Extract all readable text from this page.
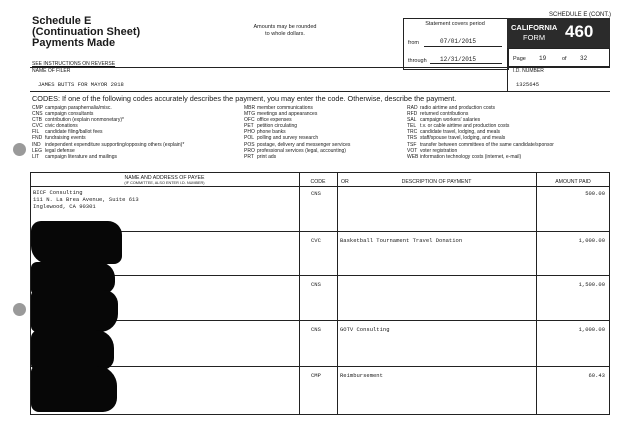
SCHEDULE E (CONT.)
Schedule E
(Continuation Sheet)
Payments Made
Amounts may be rounded
to whole dollars.
Statement covers period
from	07/01/2015
through 12/31/2015
CALIFORNIA
FORM 460
Page 19	of 32
SEE INSTRUCTIONS ON REVERSE
NAME OF FILER
JAMES BUTTS FOR MAYOR 2018
I.D. NUMBER
1325645
CODES: If one of the following codes accurately describes the payment, you may enter the code. Otherwise, describe the payment.
CMP campaign paraphernalia/misc.
CNS campaign consultants
CTB contribution (explain nonmonetary)*
CVC civic donations
FIL candidate filing/ballot fees
FND fundraising events
IND independent expenditure supporting/opposing others (explain)*
LEG legal defense
LIT campaign literature and mailings
MBR member communications
MTG meetings and appearances
OFC office expenses
PET petition circulating
PHO phone banks
POL polling and survey research
POS postage, delivery and messenger services
PRO professional services (legal, accounting)
PRT print ads
RAD radio airtime and production costs
RFD returned contributions
SAL campaign workers' salaries
TEL t.v. or cable airtime and production costs
TRC candidate travel, lodging, and meals
TRS staff/spouse travel, lodging, and meals
TSF transfer between committees of the same candidate/sponsor
VOT voter registration
WEB information technology costs (internet, e-mail)
NAME AND ADDRESS OF PAYEE
(IF COMMITTEE, ALSO ENTER I.D. NUMBER)	CODE	OR	DESCRIPTION OF PAYMENT	AMOUNT PAID
BICF Consulting
111 N. La Brea Avenue, Suite 613
Inglewood, CA 90301
CNS	500.00
CVC	Basketball Tournament Travel Donation	1,000.00
CNS	1,500.00
CNS	GOTV Consulting	1,000.00
CMP	Reimbursement	60.43
